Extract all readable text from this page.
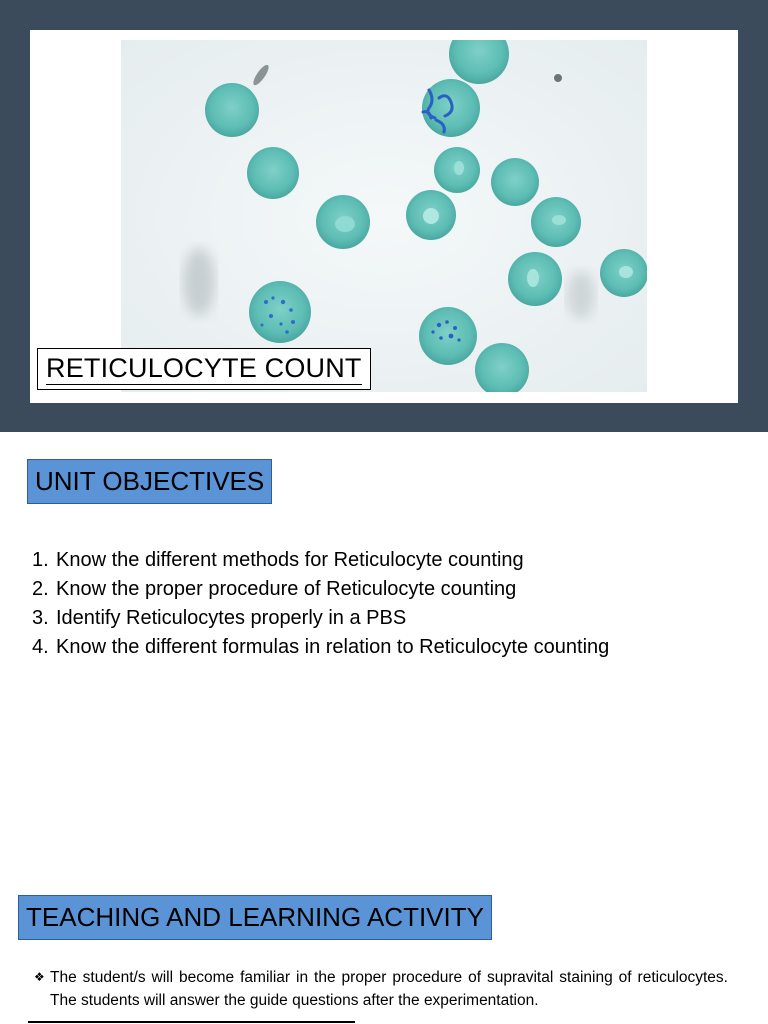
RETICULOCYTE COUNT
UNIT OBJECTIVES
1. Know the different methods for Reticulocyte counting
2. Know the proper procedure of Reticulocyte counting
3. Identify Reticulocytes properly in a PBS
4. Know the different formulas in relation to Reticulocyte counting
TEACHING AND LEARNING ACTIVITY
❖ The student/s will become familiar in the proper procedure of supravital staining of reticulocytes. The students will answer the guide questions after the experimentation.
